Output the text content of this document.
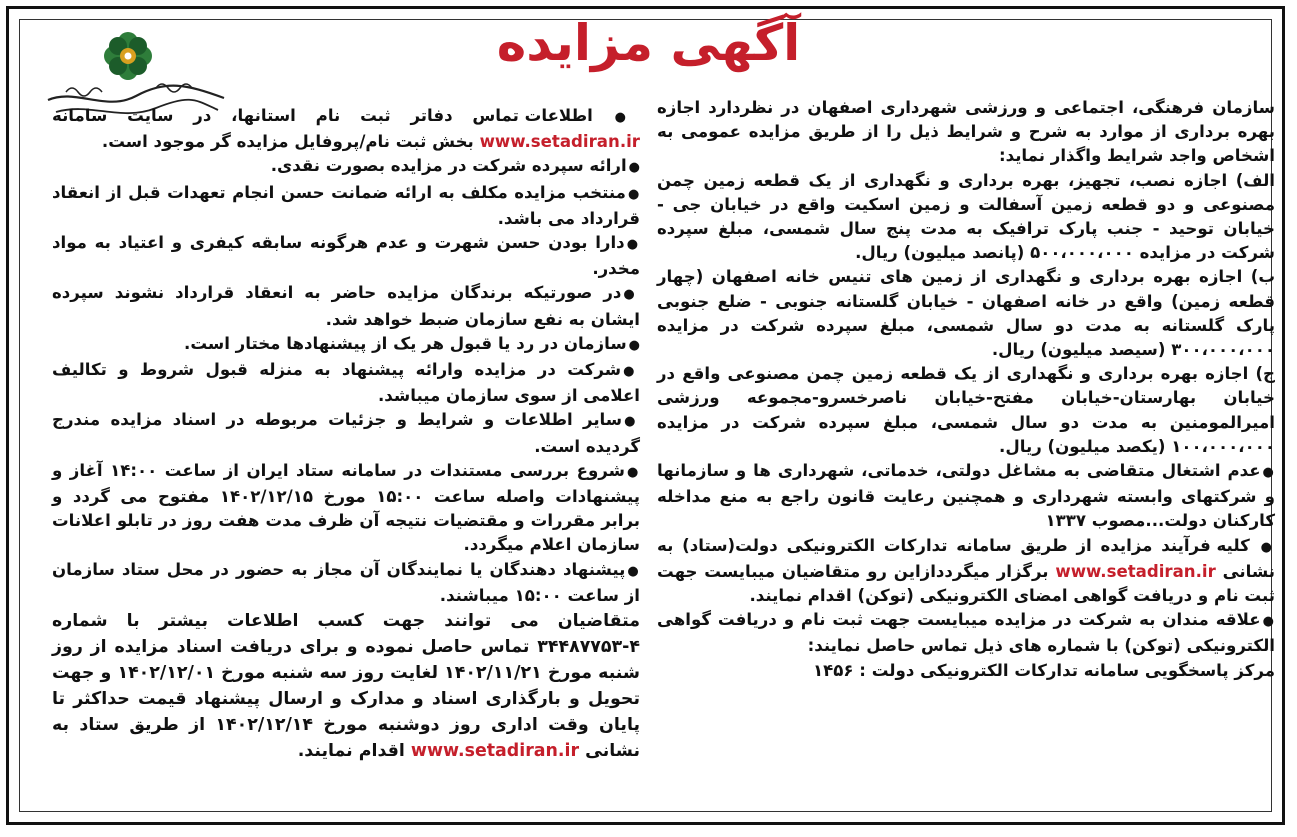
آگهی مزایده

سازمان فرهنگی، اجتماعی و ورزشی شهرداری اصفهان در نظردارد اجازه بهره برداری از موارد به شرح و شرایط ذیل را از طریق مزایده عمومی به اشخاص واجد شرایط واگذار نماید:

الف) اجازه نصب، تجهیز، بهره برداری و نگهداری از یک قطعه زمین چمن مصنوعی و دو قطعه زمین آسفالت و زمین اسکیت واقع در خیابان جی - خیابان توحید - جنب پارک ترافیک به مدت پنج سال شمسی، مبلغ سپرده شرکت در مزایده ۵۰۰،۰۰۰،۰۰۰ (پانصد میلیون) ریال.

ب) اجازه بهره برداری و نگهداری از زمین های تنیس خانه اصفهان (چهار قطعه زمین) واقع در خانه اصفهان - خیابان گلستانه جنوبی - ضلع جنوبی پارک گلستانه به مدت دو سال شمسی، مبلغ سپرده شرکت در مزایده ۳۰۰،۰۰۰،۰۰۰ (سیصد میلیون) ریال.

ج) اجازه بهره برداری و نگهداری از یک قطعه زمین چمن مصنوعی واقع در خیابان بهارستان-خیابان مفتح-خیابان ناصرخسرو-مجموعه ورزشی امیرالمومنین به مدت دو سال شمسی، مبلغ سپرده شرکت در مزایده ۱۰۰،۰۰۰،۰۰۰ (یکصد میلیون) ریال.

● عدم اشتغال متقاضی به مشاغل دولتی، خدماتی، شهرداری ها و سازمانها و شرکتهای وابسته شهرداری و همچنین رعایت قانون راجع به منع مداخله کارکنان دولت...مصوب ۱۳۳۷

● کلیه فرآیند مزایده از طریق سامانه تدارکات الکترونیکی دولت(ستاد) به نشانی www.setadiran.ir برگزار میگرددازاین رو متقاضیان میبایست جهت ثبت نام و دریافت گواهی امضای الکترونیکی (توکن) اقدام نمایند.

● علاقه مندان به شرکت در مزایده میبایست جهت ثبت نام و دریافت گواهی الکترونیکی (توکن) با شماره های ذیل تماس حاصل نمایند:

مرکز پاسخگویی سامانه تدارکات الکترونیکی دولت : ۱۴۵۶

● اطلاعات تماس دفاتر ثبت نام استانها، در سایت سامانه www.setadiran.ir بخش ثبت نام/پروفایل مزایده گر موجود است.

● ارائه سپرده شرکت در مزایده بصورت نقدی.

● منتخب مزایده مکلف به ارائه ضمانت حسن انجام تعهدات قبل از انعقاد قرارداد می باشد.

● دارا بودن حسن شهرت و عدم هرگونه سابقه کیفری و اعتیاد به مواد مخدر.

● در صورتیکه برندگان مزایده حاضر به انعقاد قرارداد نشوند سپرده ایشان به نفع سازمان ضبط خواهد شد.

● سازمان در رد یا قبول هر یک از پیشنهادها مختار است.

● شرکت در مزایده وارائه پیشنهاد به منزله قبول شروط و تکالیف اعلامی از سوی سازمان میباشد.

● سایر اطلاعات و شرایط و جزئیات مربوطه در اسناد مزایده مندرج گردیده است.

● شروع بررسی مستندات در سامانه ستاد ایران از ساعت ۱۴:۰۰ آغاز و پیشنهادات واصله ساعت ۱۵:۰۰ مورخ ۱۴۰۲/۱۲/۱۵ مفتوح می گردد و برابر مقررات و مقتضیات نتیجه آن ظرف مدت هفت روز در تابلو اعلانات سازمان اعلام میگردد.

● پیشنهاد دهندگان یا نمایندگان آن مجاز به حضور در محل ستاد سازمان از ساعت ۱۵:۰۰ میباشند.

متقاضیان می توانند جهت کسب اطلاعات بیشتر با شماره ۴-۳۴۴۸۷۷۵۳ تماس حاصل نموده و برای دریافت اسناد مزایده از روز شنبه مورخ ۱۴۰۲/۱۱/۲۱ لغایت روز سه شنبه مورخ ۱۴۰۲/۱۲/۰۱ و جهت تحویل و بارگذاری اسناد و مدارک و ارسال پیشنهاد قیمت حداکثر تا پایان وقت اداری روز دوشنبه مورخ ۱۴۰۲/۱۲/۱۴ از طریق ستاد به نشانی www.setadiran.ir اقدام نمایند.
